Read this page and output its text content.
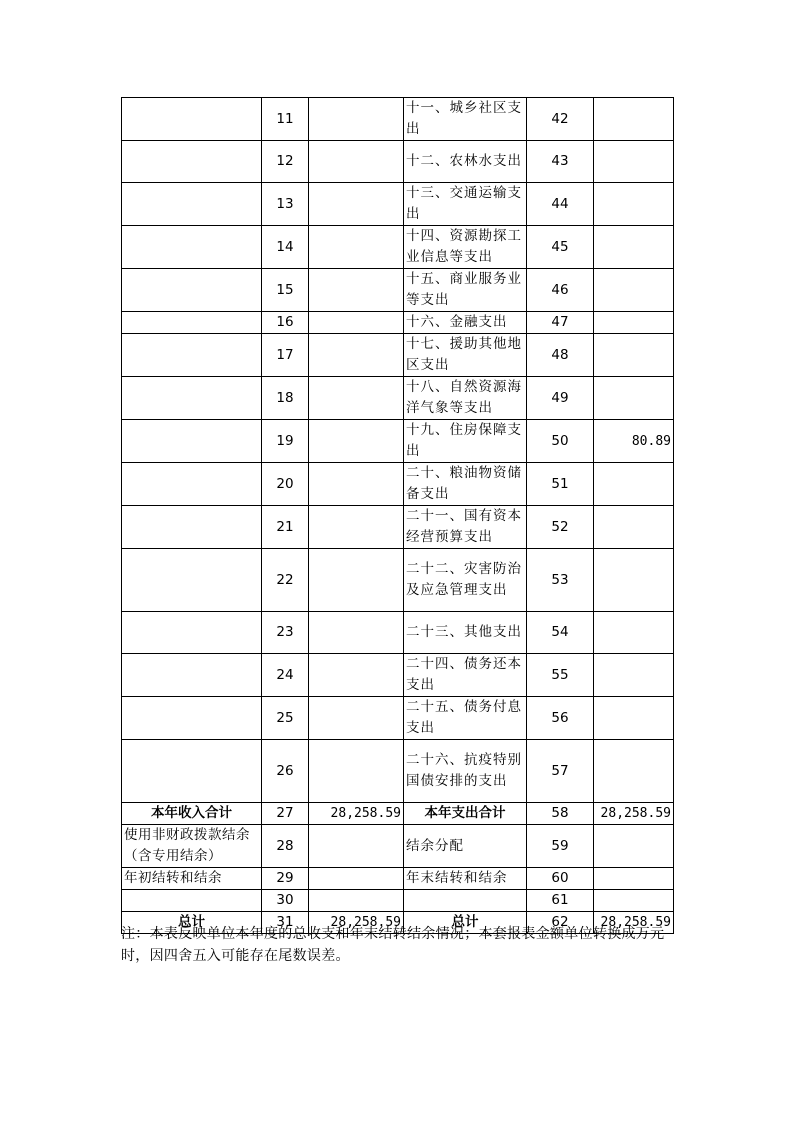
	11		十一、城乡社区支出	42	
	12		十二、农林水支出	43	
	13		十三、交通运输支出	44	
	14		十四、资源勘探工业信息等支出	45	
	15		十五、商业服务业等支出	46	
	16		十六、金融支出	47	
	17		十七、援助其他地区支出	48	
	18		十八、自然资源海洋气象等支出	49	
	19		十九、住房保障支出	50	80.89
	20		二十、粮油物资储备支出	51	
	21		二十一、国有资本经营预算支出	52	
	22		二十二、灾害防治及应急管理支出	53	
	23		二十三、其他支出	54	
	24		二十四、债务还本支出	55	
	25		二十五、债务付息支出	56	
	26		二十六、抗疫特别国债安排的支出	57	
本年收入合计	27	28,258.59	本年支出合计	58	28,258.59
使用非财政拨款结余（含专用结余）	28		结余分配	59	
年初结转和结余	29		年末结转和结余	60	
	30			61	
总计	31	28,258.59	总计	62	28,258.59
注：本表反映单位本年度的总收支和年末结转结余情况；本套报表金额单位转换成万元时，因四舍五入可能存在尾数误差。
